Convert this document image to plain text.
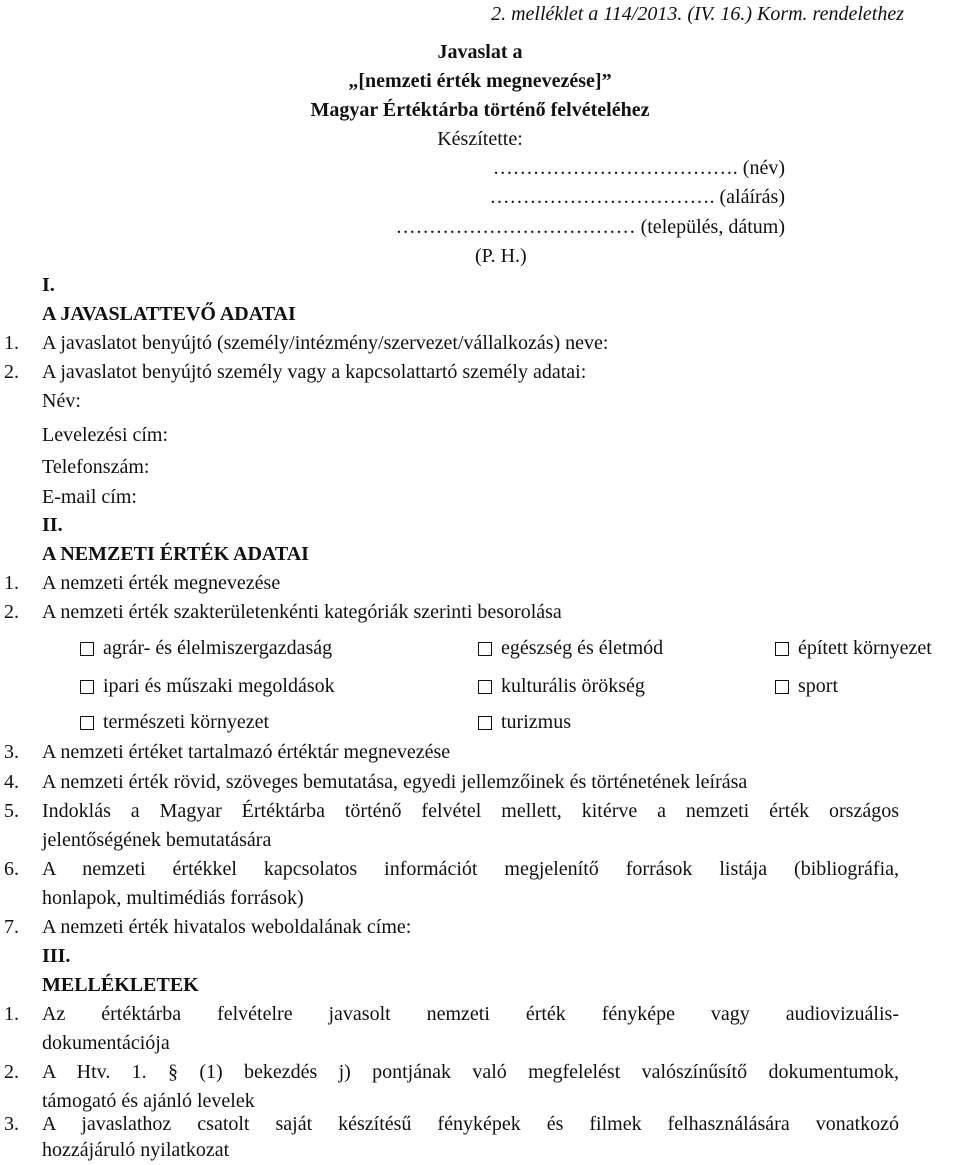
2. melléklet a 114/2013. (IV. 16.) Korm. rendelethez
Javaslat a
„[nemzeti érték megnevezése]”
Magyar Értéktárba történő felvételéhez
Készítette:
………………………………. (név)
……………………………. (aláírás)
……………………………… (település, dátum)
(P. H.)
I.
A JAVASLATTEVŐ ADATAI
1. A javaslatot benyújtó (személy/intézmény/szervezet/vállalkozás) neve:
2. A javaslatot benyújtó személy vagy a kapcsolattartó személy adatai:
Név:
Levelezési cím:
Telefonszám:
E-mail cím:
II.
A NEMZETI ÉRTÉK ADATAI
1. A nemzeti érték megnevezése
2. A nemzeti érték szakterületenkénti kategóriák szerinti besorolása
agrár- és élelmiszergazdaság	egészség és életmód	épített környezet
ipari és műszaki megoldások	kulturális örökség	sport
természeti környezet	turizmus
3. A nemzeti értéket tartalmazó értéktár megnevezése
4. A nemzeti érték rövid, szöveges bemutatása, egyedi jellemzőinek és történetének leírása
5. Indoklás a Magyar Értéktárba történő felvétel mellett, kitérve a nemzeti érték országos
jelentőségének bemutatására
6. A nemzeti értékkel kapcsolatos információt megjelenítő források listája (bibliográfia,
honlapok, multimédiás források)
7. A nemzeti érték hivatalos weboldalának címe:
III.
MELLÉKLETEK
1. Az értéktárba felvételre javasolt nemzeti érték fényképe vagy audiovizuális-
dokumentációja
2. A Htv. 1. § (1) bekezdés j) pontjának való megfelelést valószínűsítő dokumentumok,
támogató és ajánló levelek
3. A javaslathoz csatolt saját készítésű fényképek és filmek felhasználására vonatkozó
hozzájáruló nyilatkozat
